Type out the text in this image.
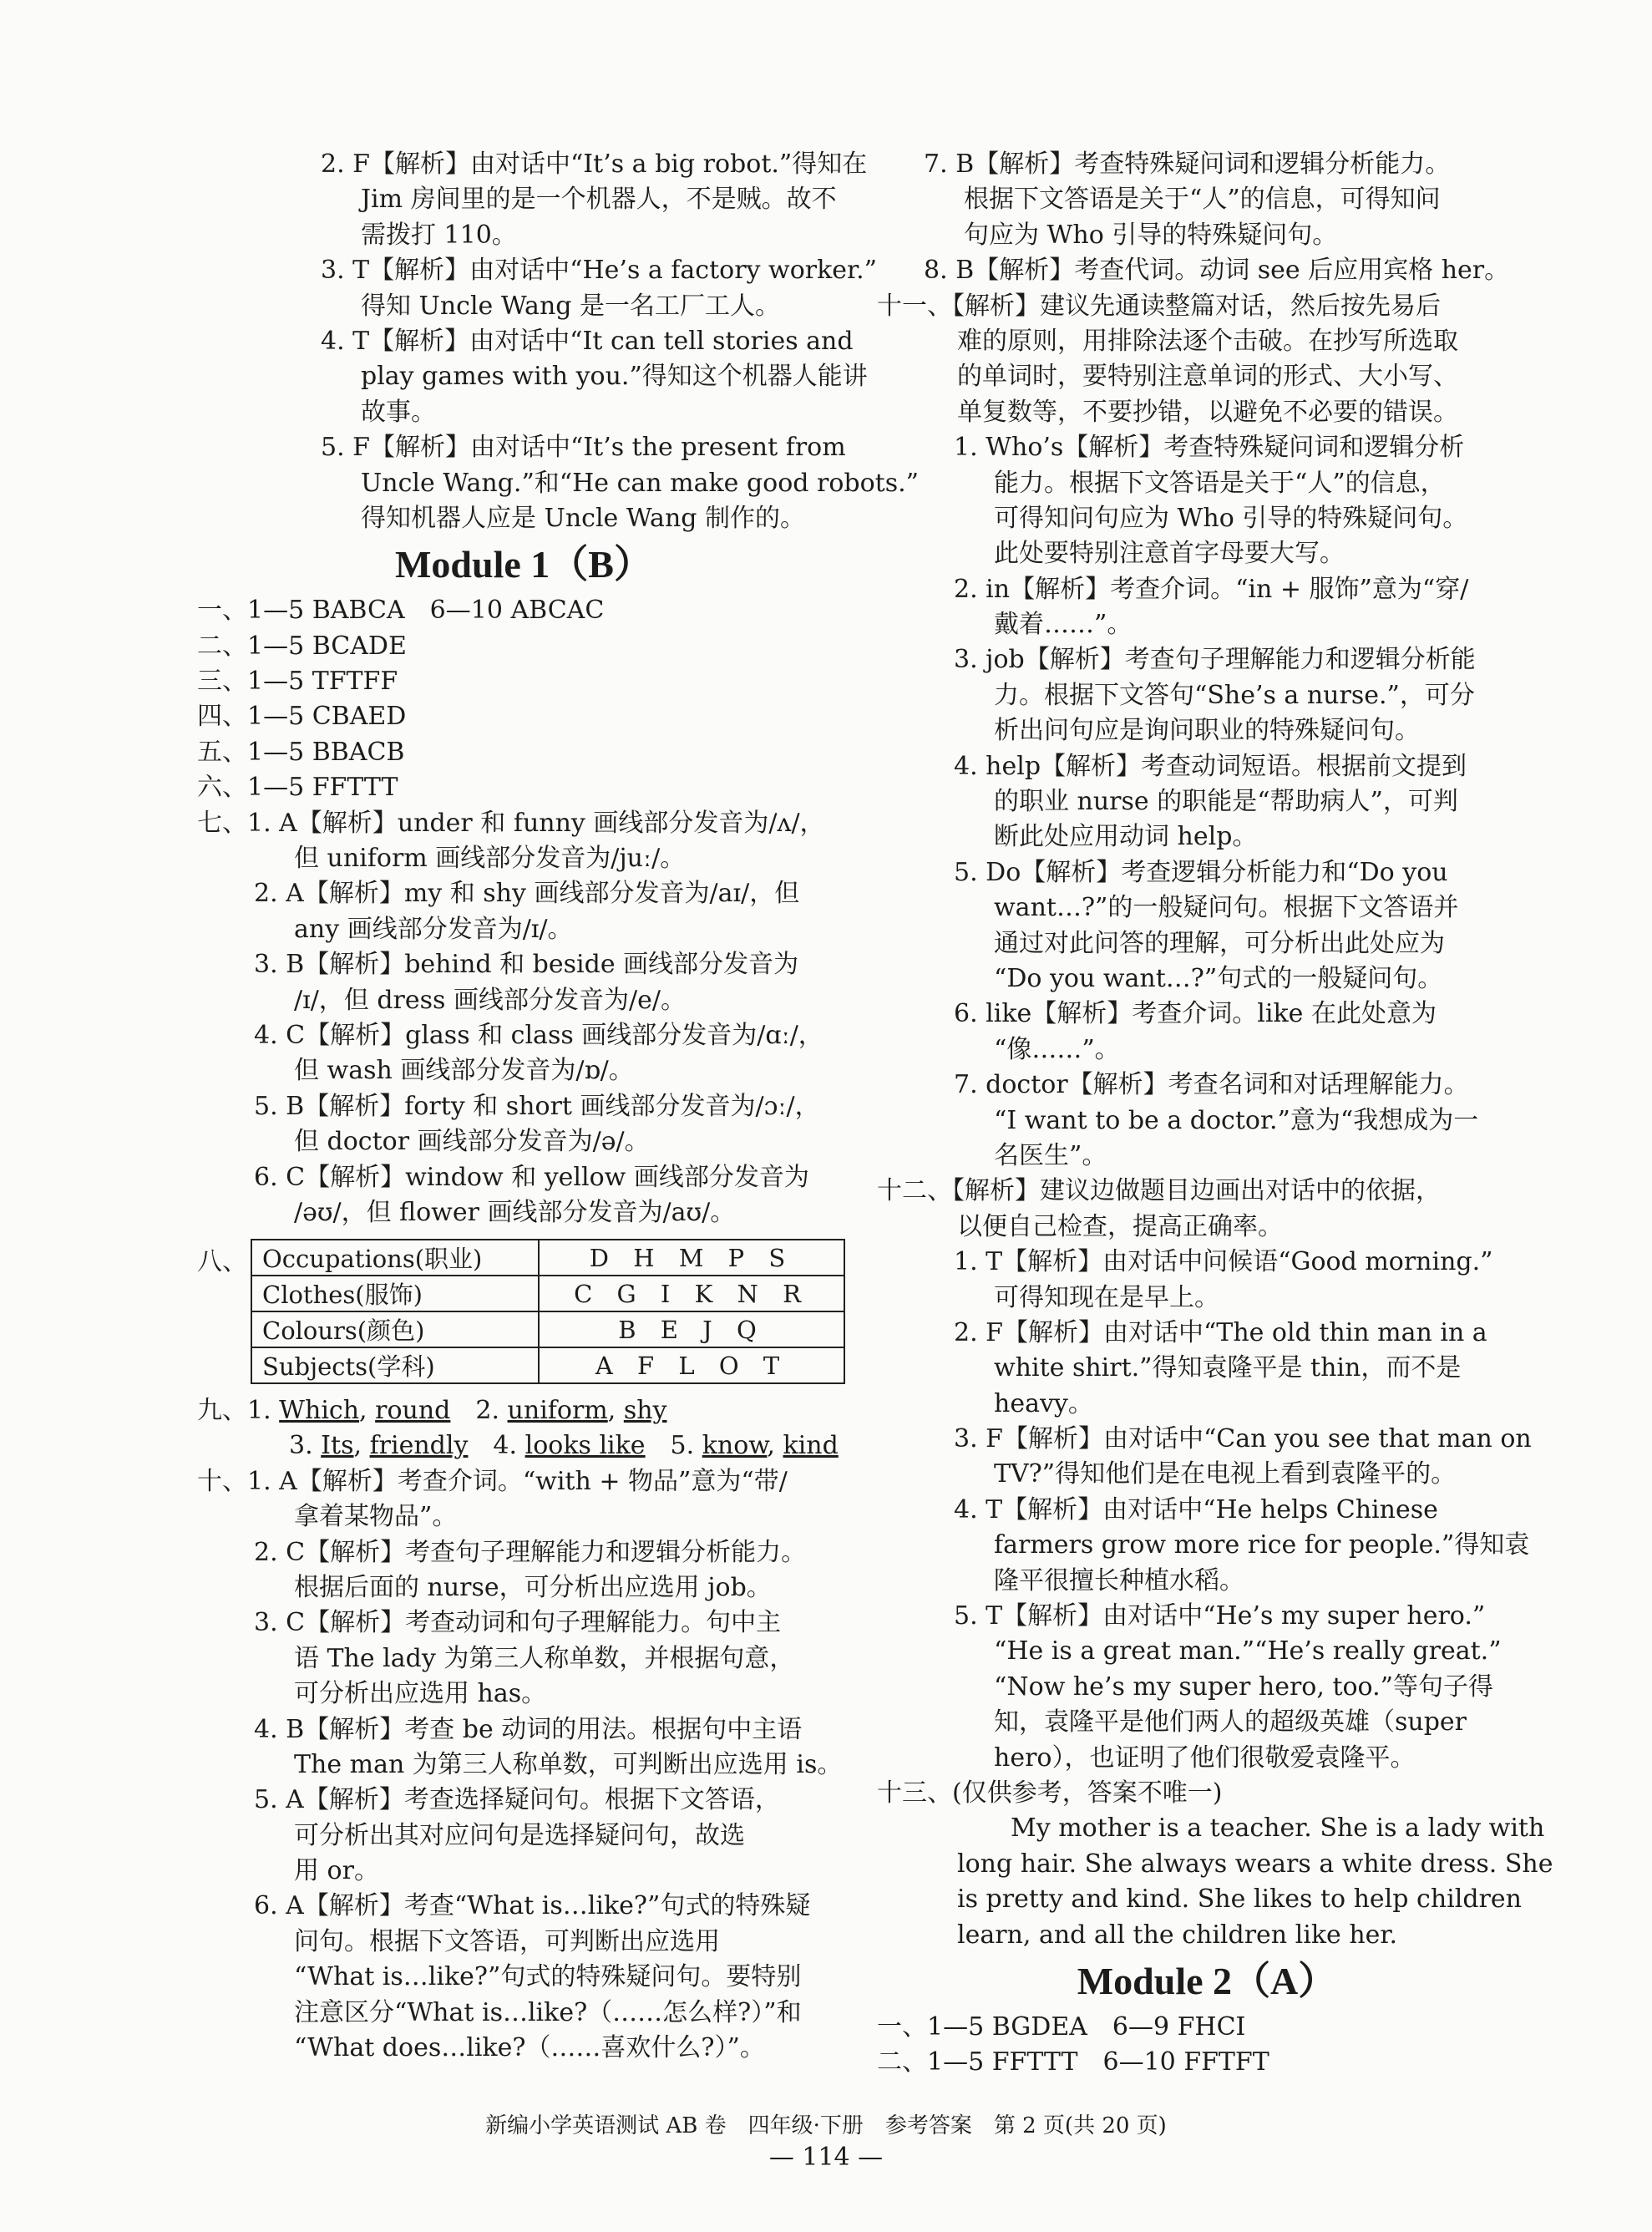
2. F【解析】由对话中“It’s a big robot.”得知在
Jim 房间里的是一个机器人，不是贼。故不
需拨打 110。
3. T【解析】由对话中“He’s a factory worker.”
得知 Uncle Wang 是一名工厂工人。
4. T【解析】由对话中“It can tell stories and
play games with you.”得知这个机器人能讲
故事。
5. F【解析】由对话中“It’s the present from
Uncle Wang.”和“He can make good robots.”
得知机器人应是 Uncle Wang 制作的。
Module 1（B）
一、1—5 BABCA　6—10 ABCAC
二、1—5 BCADE
三、1—5 TFTFF
四、1—5 CBAED
五、1—5 BBACB
六、1—5 FFTTT
七、1. A【解析】under 和 funny 画线部分发音为/ʌ/，
但 uniform 画线部分发音为/juː/。
2. A【解析】my 和 shy 画线部分发音为/aɪ/，但
any 画线部分发音为/ɪ/。
3. B【解析】behind 和 beside 画线部分发音为
/ɪ/，但 dress 画线部分发音为/e/。
4. C【解析】glass 和 class 画线部分发音为/ɑː/，
但 wash 画线部分发音为/ɒ/。
5. B【解析】forty 和 short 画线部分发音为/ɔː/，
但 doctor 画线部分发音为/ə/。
6. C【解析】window 和 yellow 画线部分发音为
/əʊ/，但 flower 画线部分发音为/aʊ/。
八、 Occupations(职业)	D H M P S
Clothes(服饰)	C G I K N R
Colours(颜色)	B E J Q
Subjects(学科)	A F L O T
九、1. Which, round　2. uniform, shy
3. Its, friendly　4. looks like　5. know, kind
十、1. A【解析】考查介词。“with + 物品”意为“带/
拿着某物品”。
2. C【解析】考查句子理解能力和逻辑分析能力。
根据后面的 nurse，可分析出应选用 job。
3. C【解析】考查动词和句子理解能力。句中主
语 The lady 为第三人称单数，并根据句意，
可分析出应选用 has。
4. B【解析】考查 be 动词的用法。根据句中主语
The man 为第三人称单数，可判断出应选用 is。
5. A【解析】考查选择疑问句。根据下文答语，
可分析出其对应问句是选择疑问句，故选
用 or。
6. A【解析】考查“What is…like?”句式的特殊疑
问句。根据下文答语，可判断出应选用
“What is…like?”句式的特殊疑问句。要特别
注意区分“What is…like?（……怎么样?）”和
“What does…like?（……喜欢什么?）”。
7. B【解析】考查特殊疑问词和逻辑分析能力。
根据下文答语是关于“人”的信息，可得知问
句应为 Who 引导的特殊疑问句。
8. B【解析】考查代词。动词 see 后应用宾格 her。
十一、【解析】建议先通读整篇对话，然后按先易后
难的原则，用排除法逐个击破。在抄写所选取
的单词时，要特别注意单词的形式、大小写、
单复数等，不要抄错，以避免不必要的错误。
1. Who’s【解析】考查特殊疑问词和逻辑分析
能力。根据下文答语是关于“人”的信息，
可得知问句应为 Who 引导的特殊疑问句。
此处要特别注意首字母要大写。
2. in【解析】考查介词。“in + 服饰”意为“穿/
戴着……”。
3. job【解析】考查句子理解能力和逻辑分析能
力。根据下文答句“She’s a nurse.”，可分
析出问句应是询问职业的特殊疑问句。
4. help【解析】考查动词短语。根据前文提到
的职业 nurse 的职能是“帮助病人”，可判
断此处应用动词 help。
5. Do【解析】考查逻辑分析能力和“Do you
want…?”的一般疑问句。根据下文答语并
通过对此问答的理解，可分析出此处应为
“Do you want…?”句式的一般疑问句。
6. like【解析】考查介词。like 在此处意为
“像……”。
7. doctor【解析】考查名词和对话理解能力。
“I want to be a doctor.”意为“我想成为一
名医生”。
十二、【解析】建议边做题目边画出对话中的依据，
以便自己检查，提高正确率。
1. T【解析】由对话中问候语“Good morning.”
可得知现在是早上。
2. F【解析】由对话中“The old thin man in a
white shirt.”得知袁隆平是 thin，而不是
heavy。
3. F【解析】由对话中“Can you see that man on
TV?”得知他们是在电视上看到袁隆平的。
4. T【解析】由对话中“He helps Chinese
farmers grow more rice for people.”得知袁
隆平很擅长种植水稻。
5. T【解析】由对话中“He’s my super hero.”
“He is a great man.”“He’s really great.”
“Now he’s my super hero, too.”等句子得
知，袁隆平是他们两人的超级英雄（super
hero），也证明了他们很敬爱袁隆平。
十三、(仅供参考，答案不唯一)
My mother is a teacher. She is a lady with
long hair. She always wears a white dress. She
is pretty and kind. She likes to help children
learn, and all the children like her.
Module 2（A）
一、1—5 BGDEA　6—9 FHCI
二、1—5 FFTTT　6—10 FFTFT
新编小学英语测试 AB 卷　四年级·下册　参考答案　第 2 页(共 20 页)
— 114 —
